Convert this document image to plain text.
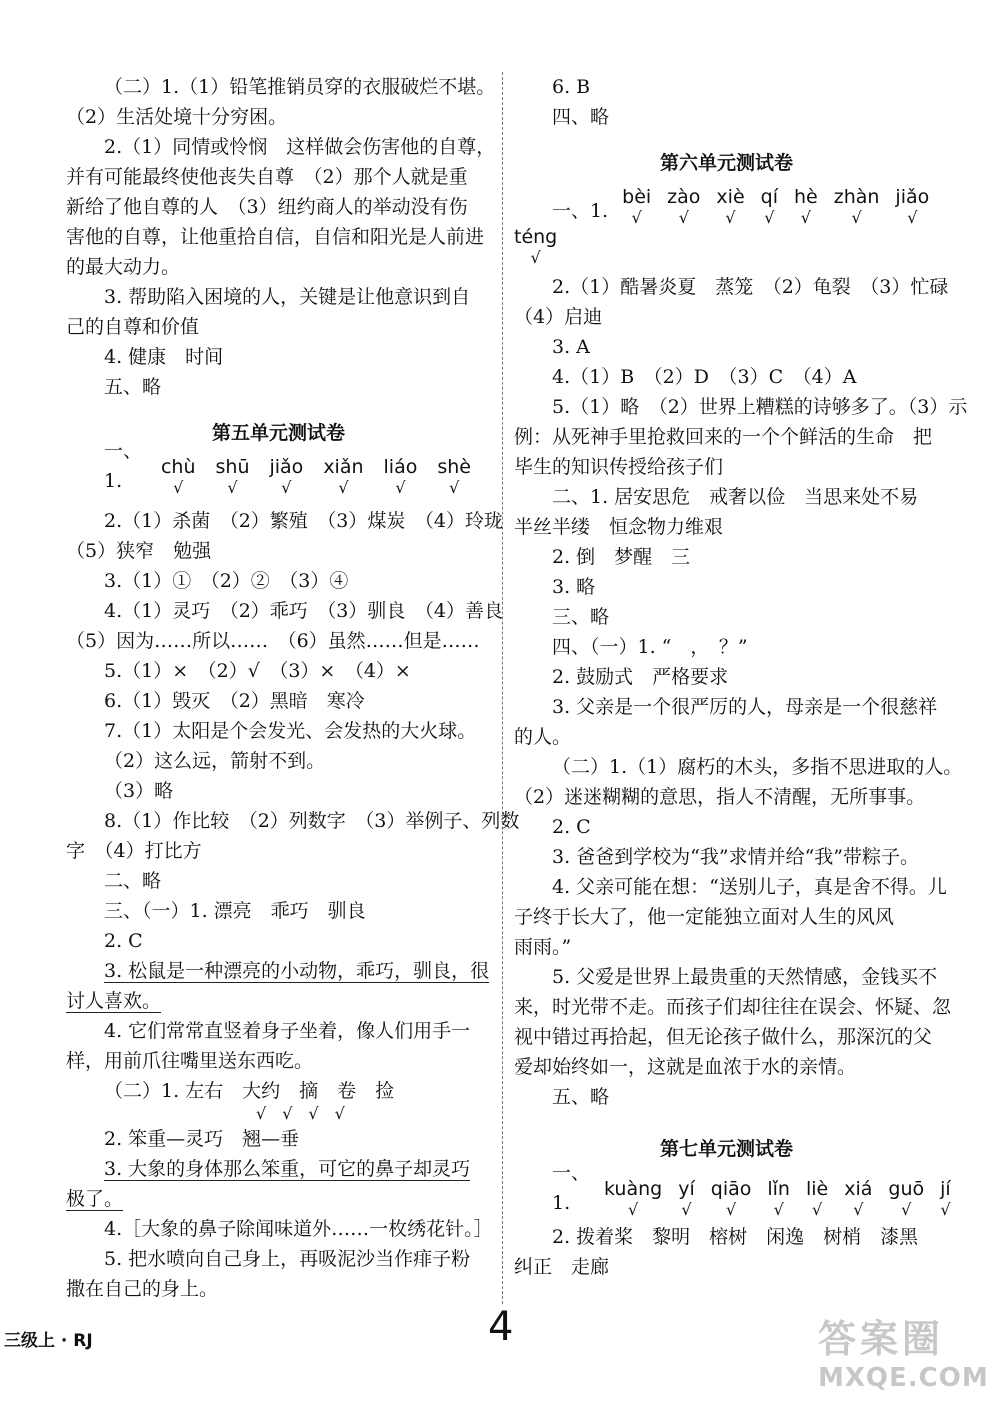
（二）1.（1）铅笔推销员穿的衣服破烂不堪。
（2）生活处境十分穷困。
2.（1）同情或怜悯　这样做会伤害他的自尊，
并有可能最终使他丧失自尊　（2）那个人就是重
新给了他自尊的人　（3）纽约商人的举动没有伤
害他的自尊，让他重拾自信，自信和阳光是人前进
的最大动力。
3. 帮助陷入困境的人，关键是让他意识到自
己的自尊和价值
4. 健康　时间
五、略
第五单元测试卷
一、1.
chù
√
shū
√
jiǎo
√
xiǎn
√
liáo
√
shè
√
2.（1）杀菌　（2）繁殖　（3）煤炭　（4）玲珑
（5）狭窄　勉强
3.（1）①　（2）②　（3）④
4.（1）灵巧　（2）乖巧　（3）驯良　（4）善良
（5）因为……所以……　（6）虽然……但是……
5.（1）×　（2）√　（3）×　（4）×
6.（1）毁灭　（2）黑暗　寒冷
7.（1）太阳是个会发光、会发热的大火球。
（2）这么远，箭射不到。
（3）略
8.（1）作比较　（2）列数字　（3）举例子、列数
字　（4）打比方
二、略
三、（一）1. 漂亮　乖巧　驯良
2. C
3. 松鼠是一种漂亮的小动物，乖巧，驯良，很
讨人喜欢。
4. 它们常常直竖着身子坐着，像人们用手一
样，用前爪往嘴里送东西吃。
（二）1. 左右　大约　摘　卷　捡
√　√　√　√
2. 笨重—灵巧　翘—垂
3. 大象的身体那么笨重，可它的鼻子却灵巧
极了。
4.［大象的鼻子除闻味道外……一枚绣花针。］
5. 把水喷向自己身上，再吸泥沙当作痱子粉
撒在自己的身上。
6. B
四、略
第六单元测试卷
一、1.
bèi
√
zào
√
xiè
√
qí
√
hè
√
zhàn
√
jiǎo
√
téng
√
2.（1）酷暑炎夏　蒸笼　（2）龟裂　（3）忙碌
（4）启迪
3. A
4.（1）B　（2）D　（3）C　（4）A
5.（1）略　（2）世界上糟糕的诗够多了。（3）示
例：从死神手里抢救回来的一个个鲜活的生命　把
毕生的知识传授给孩子们
二、1. 居安思危　戒奢以俭　当思来处不易
半丝半缕　恒念物力维艰
2. 倒　梦醒　三
3. 略
三、略
四、（一）1. “　，　？”
2. 鼓励式　严格要求
3. 父亲是一个很严厉的人，母亲是一个很慈祥
的人。
（二）1.（1）腐朽的木头，多指不思进取的人。
（2）迷迷糊糊的意思，指人不清醒，无所事事。
2. C
3. 爸爸到学校为“我”求情并给“我”带粽子。
4. 父亲可能在想：“送别儿子，真是舍不得。儿
子终于长大了，他一定能独立面对人生的风风
雨雨。”
5. 父爱是世界上最贵重的天然情感，金钱买不
来，时光带不走。而孩子们却往往在误会、怀疑、忽
视中错过再拾起，但无论孩子做什么，那深沉的父
爱却始终如一，这就是血浓于水的亲情。
五、略
第七单元测试卷
一、1.
kuàng
√
yí
√
qiāo
√
lǐn
√
liè
√
xiá
√
guō
√
jí
√
2. 拨着桨　黎明　榕树　闲逸　树梢　漆黑
纠正　走廊
三级上 · RJ	4	答案圈
MXQE.COM
